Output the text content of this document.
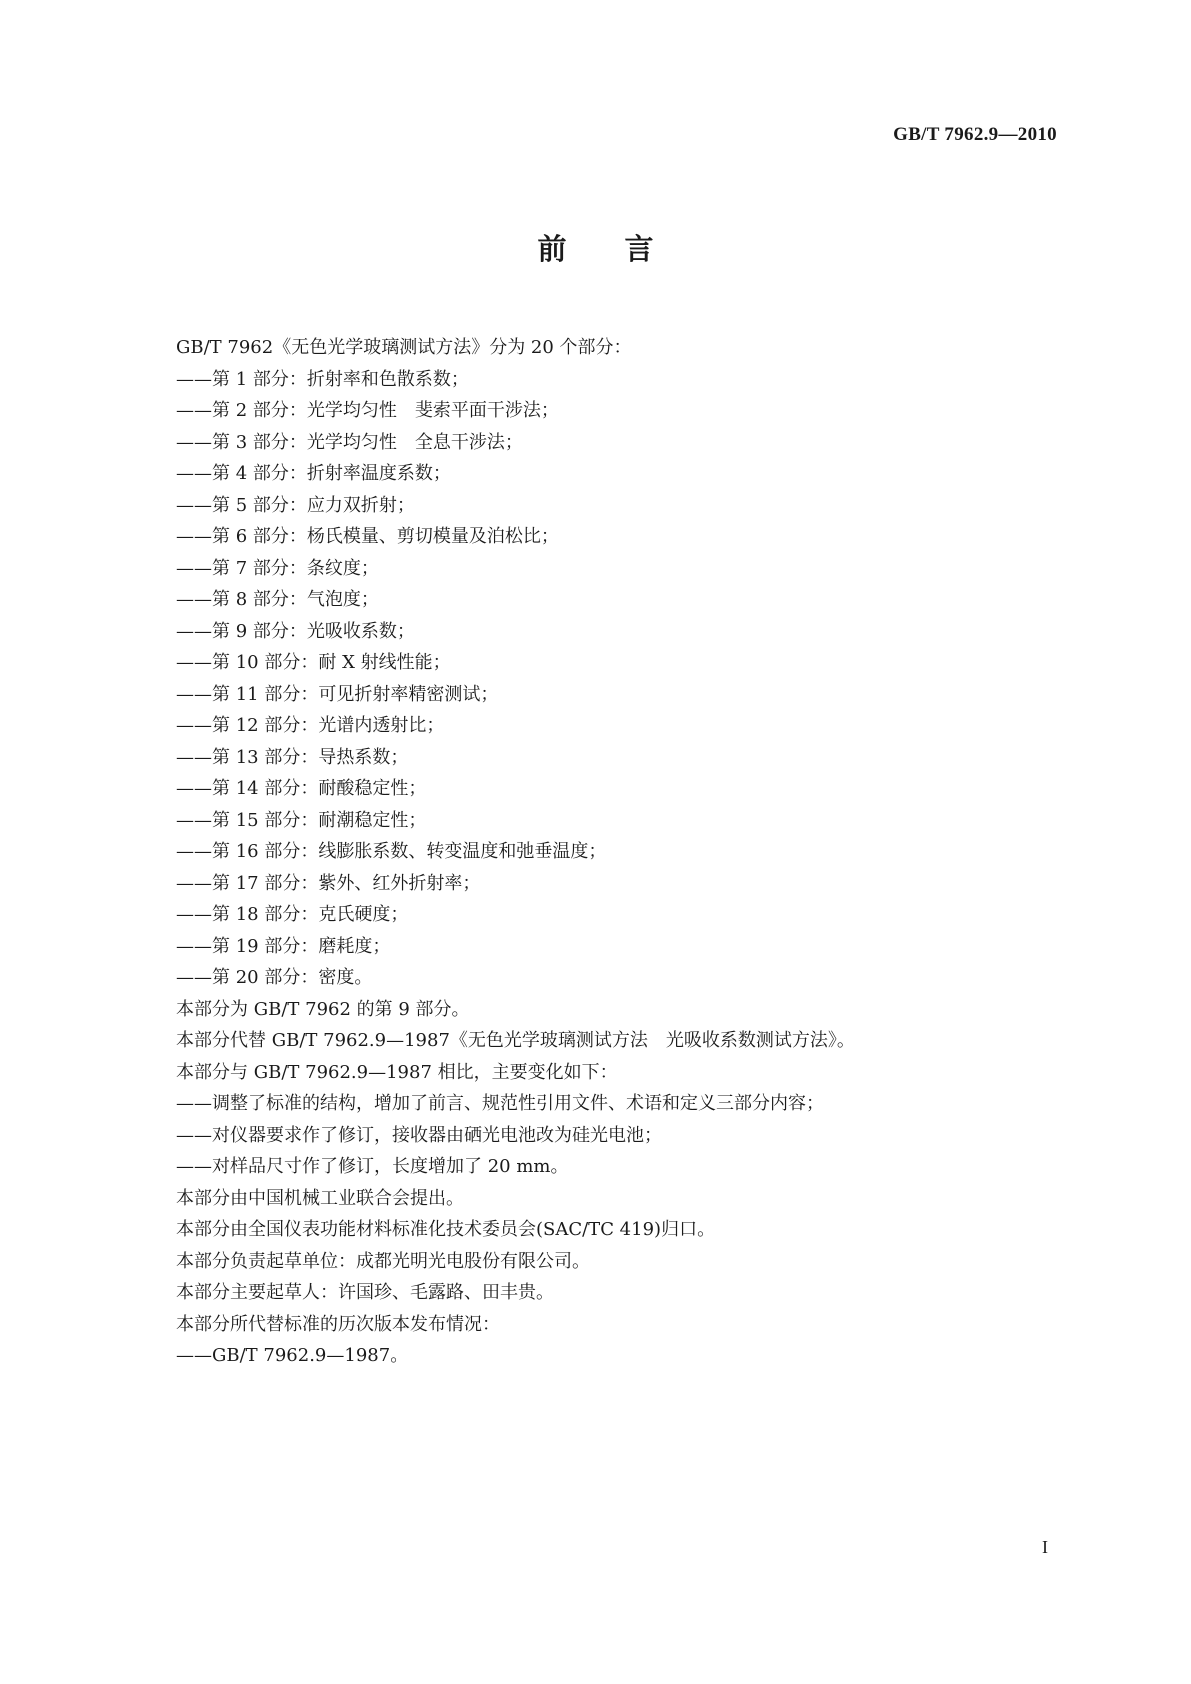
GB/T 7962.9—2010
前言
GB/T 7962《无色光学玻璃测试方法》分为 20 个部分：
——第 1 部分：折射率和色散系数；
——第 2 部分：光学均匀性　斐索平面干涉法；
——第 3 部分：光学均匀性　全息干涉法；
——第 4 部分：折射率温度系数；
——第 5 部分：应力双折射；
——第 6 部分：杨氏模量、剪切模量及泊松比；
——第 7 部分：条纹度；
——第 8 部分：气泡度；
——第 9 部分：光吸收系数；
——第 10 部分：耐 X 射线性能；
——第 11 部分：可见折射率精密测试；
——第 12 部分：光谱内透射比；
——第 13 部分：导热系数；
——第 14 部分：耐酸稳定性；
——第 15 部分：耐潮稳定性；
——第 16 部分：线膨胀系数、转变温度和弛垂温度；
——第 17 部分：紫外、红外折射率；
——第 18 部分：克氏硬度；
——第 19 部分：磨耗度；
——第 20 部分：密度。
本部分为 GB/T 7962 的第 9 部分。
本部分代替 GB/T 7962.9—1987《无色光学玻璃测试方法　光吸收系数测试方法》。
本部分与 GB/T 7962.9—1987 相比，主要变化如下：
——调整了标准的结构，增加了前言、规范性引用文件、术语和定义三部分内容；
——对仪器要求作了修订，接收器由硒光电池改为硅光电池；
——对样品尺寸作了修订，长度增加了 20 mm。
本部分由中国机械工业联合会提出。
本部分由全国仪表功能材料标准化技术委员会(SAC/TC 419)归口。
本部分负责起草单位：成都光明光电股份有限公司。
本部分主要起草人：许国珍、毛露路、田丰贵。
本部分所代替标准的历次版本发布情况：
——GB/T 7962.9—1987。
I
